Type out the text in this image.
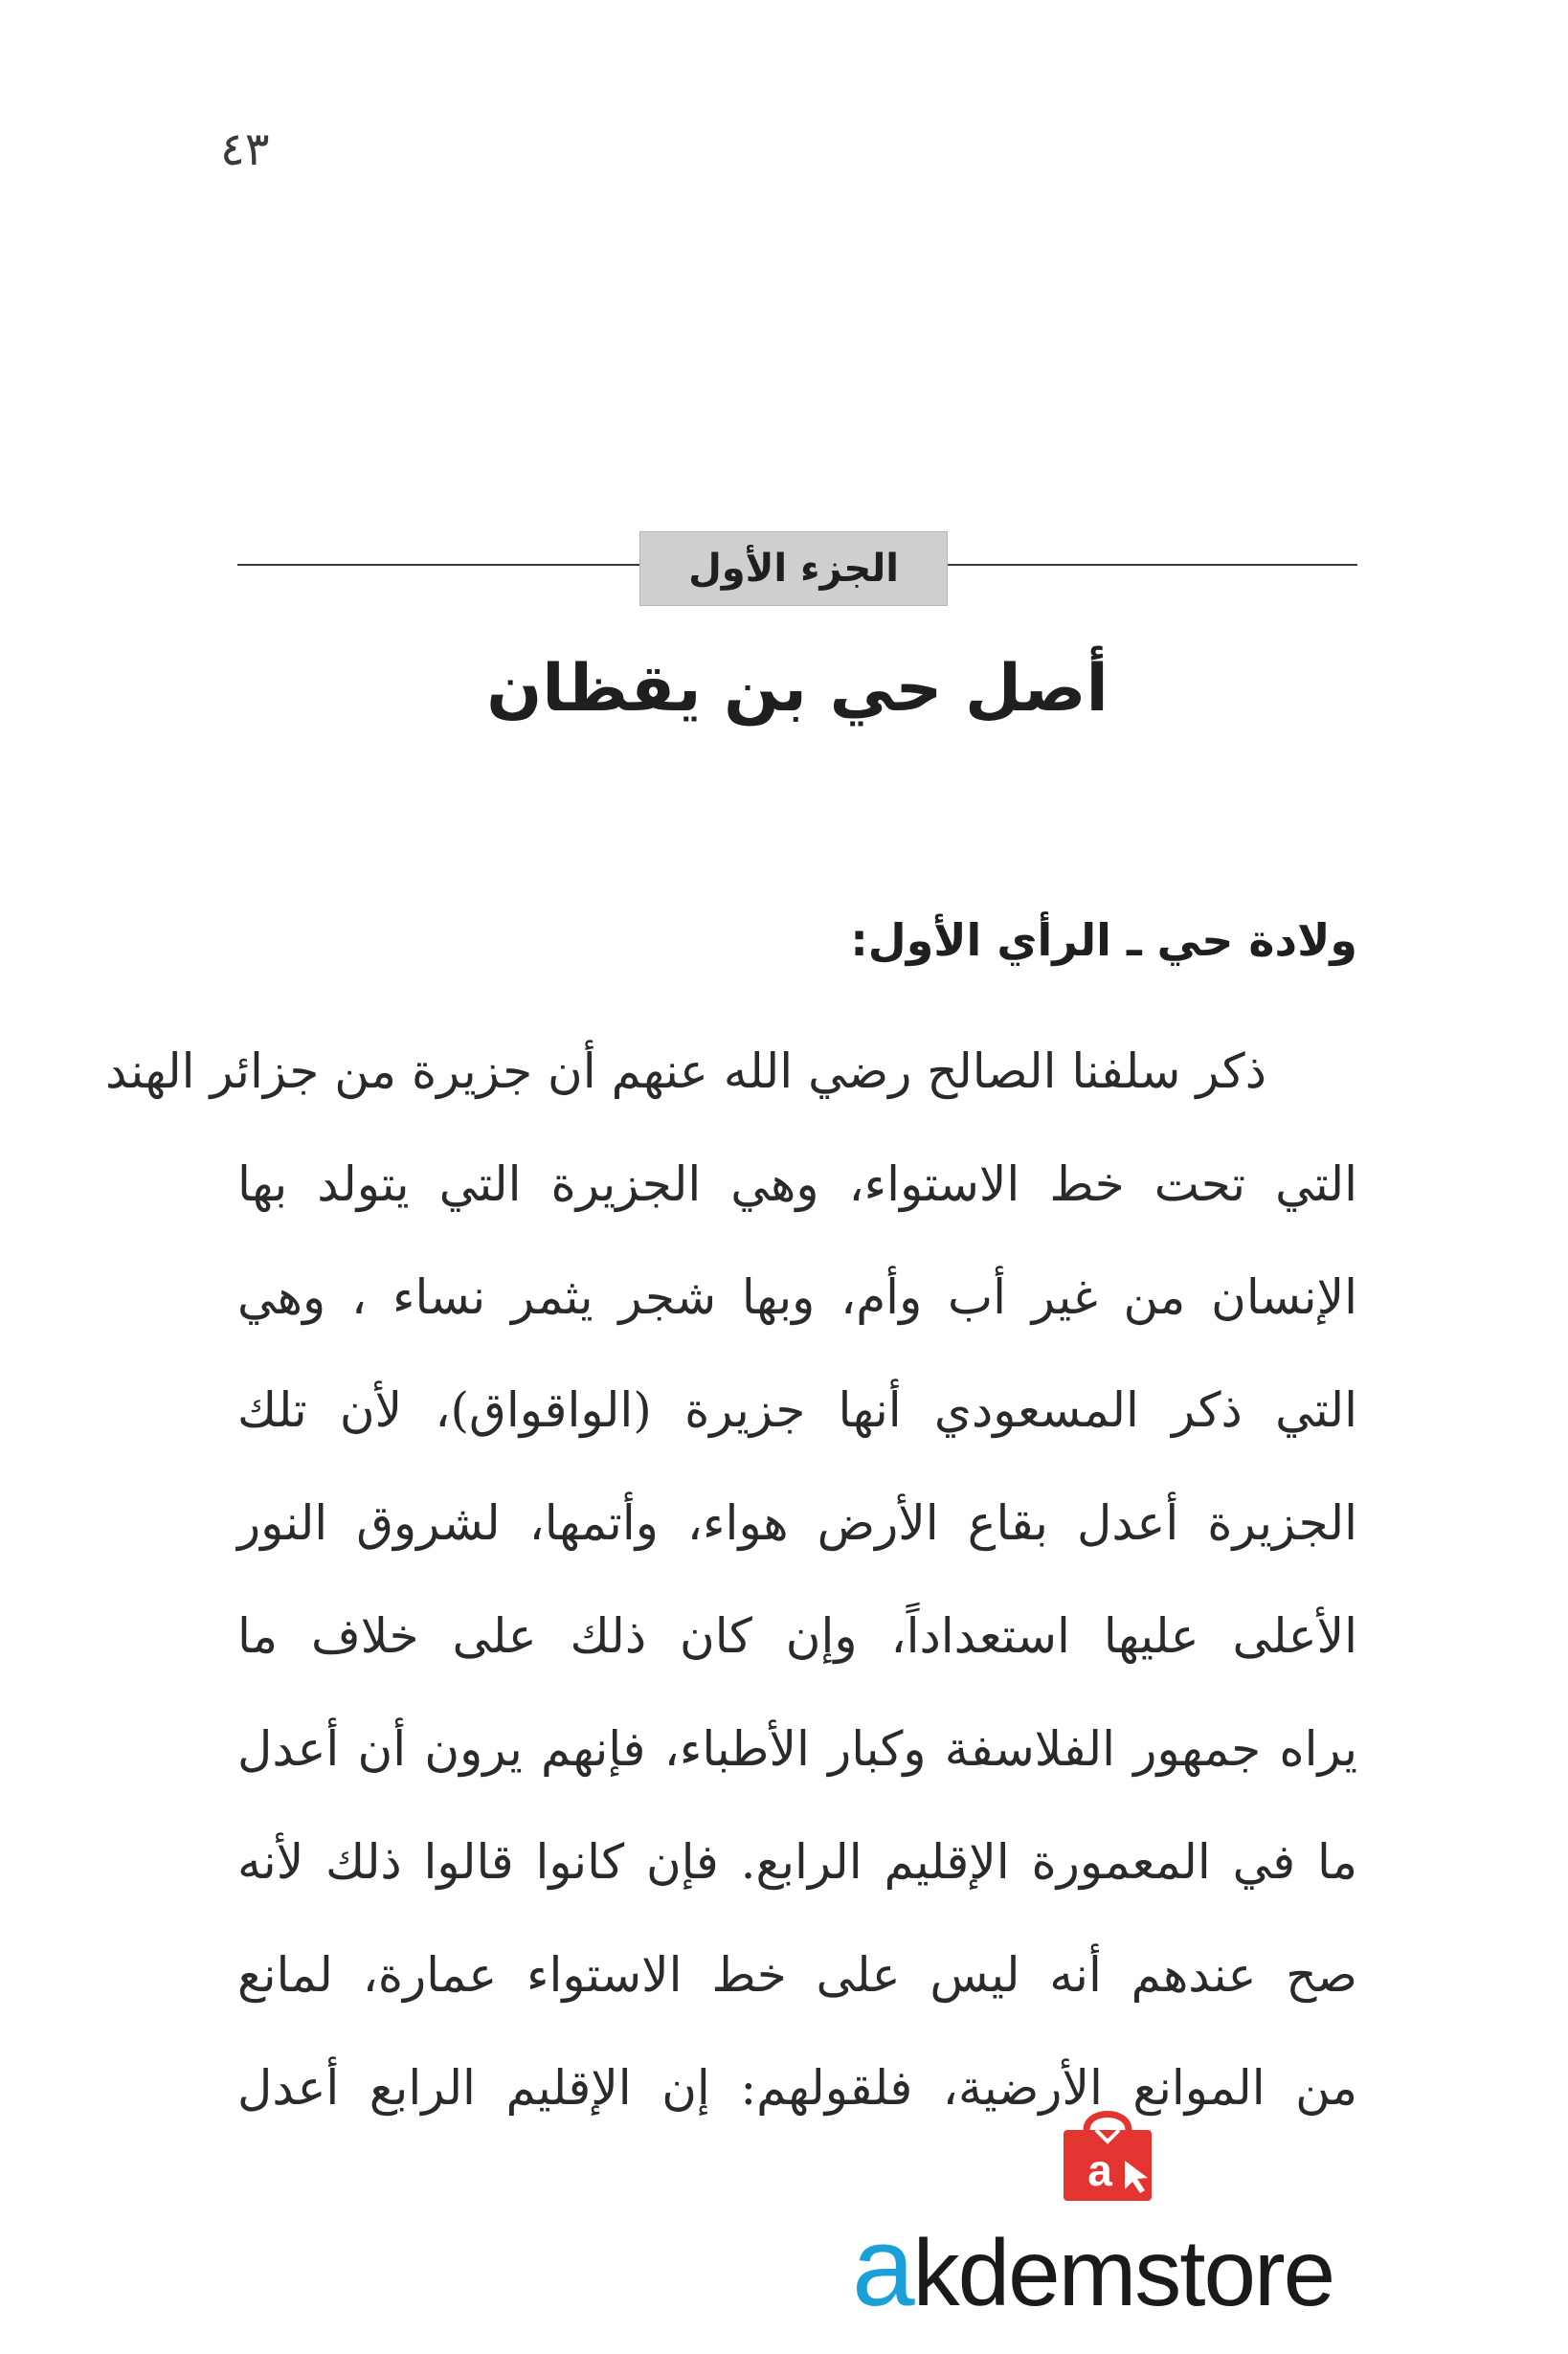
٤٣
الجزء الأول
أصل حي بن يقظان
ولادة حي ـ الرأي الأول:
ذكر سلفنا الصالح رضي الله عنهم أن جزيرة من جزائر الهند
التي تحت خط الاستواء، وهي الجزيرة التي يتولد بها
الإنسان من غير أب وأم، وبها شجر يثمر نساء ، وهي
التي ذكر المسعودي أنها جزيرة (الواقواق)، لأن تلك
الجزيرة أعدل بقاع الأرض هواء، وأتمها، لشروق النور
الأعلى عليها استعداداً، وإن كان ذلك على خلاف ما
يراه جمهور الفلاسفة وكبار الأطباء، فإنهم يرون أن أعدل
ما في المعمورة الإقليم الرابع. فإن كانوا قالوا ذلك لأنه
صح عندهم أنه ليس على خط الاستواء عمارة، لمانع
من الموانع الأرضية، فلقولهم: إن الإقليم الرابع أعدل
a
a kdemstore
